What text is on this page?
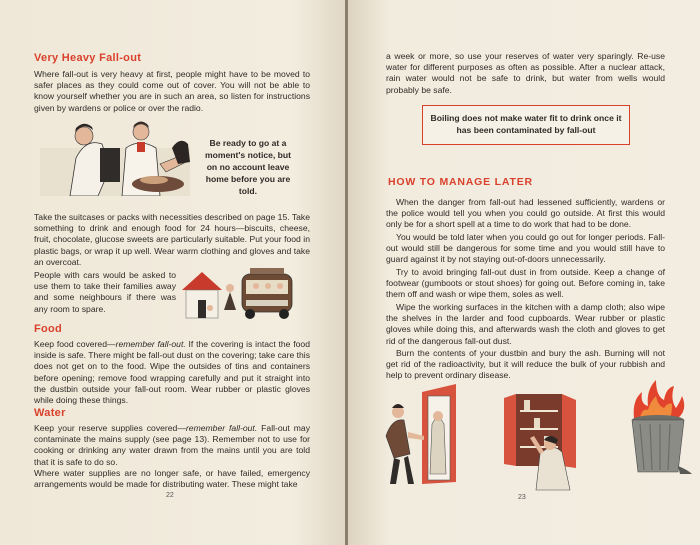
Very Heavy Fall-out
Where fall-out is very heavy at first, people might have to be moved to safer places as they could come out of cover. You will not be able to know yourself whether you are in such an area, so listen for instructions given by wardens or police or over the radio.
Be ready to go at a moment's notice, but on no account leave home before you are told.
Take the suitcases or packs with necessities described on page 15. Take something to drink and enough food for 24 hours—biscuits, cheese, fruit, chocolate, glucose sweets are particularly suitable. Put your food in plastic bags, or wrap it up well. Wear warm clothing and gloves and take an overcoat.
People with cars would be asked to use them to take their families away and some neighbours if there was any room to spare.
Food
Keep food covered—remember fall-out. If the covering is intact the food inside is safe. There might be fall-out dust on the covering; take care this does not get on to the food. Wipe the outsides of tins and containers before opening; remove food wrapping carefully and put it straight into the dustbin outside your fall-out room. Wear rubber or plastic gloves while doing these things.
Water
Keep your reserve supplies covered—remember fall-out. Fall-out may contaminate the mains supply (see page 13). Remember not to use for cooking or drinking any water drawn from the mains until you are told that it is safe to do so.
Where water supplies are no longer safe, or have failed, emergency arrangements would be made for distributing water. These might take
22
a week or more, so use your reserves of water very sparingly. Re-use water for different purposes as often as possible. After a nuclear attack, rain water would not be safe to drink, but water from wells would probably be safe.
Boiling does not make water fit to drink once it has been contaminated by fall-out
HOW TO MANAGE LATER
When the danger from fall-out had lessened sufficiently, wardens or the police would tell you when you could go outside. At first this would only be for a short spell at a time to do work that had to be done.
You would be told later when you could go out for longer periods. Fall-out would still be dangerous for some time and you would still have to guard against it by not staying out-of-doors unnecessarily.
Try to avoid bringing fall-out dust in from outside. Keep a change of footwear (gumboots or stout shoes) for going out. Before coming in, take them off and wash or wipe them, soles as well.
Wipe the working surfaces in the kitchen with a damp cloth; also wipe the shelves in the larder and food cupboards. Wear rubber or plastic gloves while doing this, and afterwards wash the cloth and gloves to get rid of the dangerous fall-out dust.
Burn the contents of your dustbin and bury the ash. Burning will not get rid of the radioactivity, but it will reduce the bulk of your rubbish and help to prevent ordinary disease.
23
